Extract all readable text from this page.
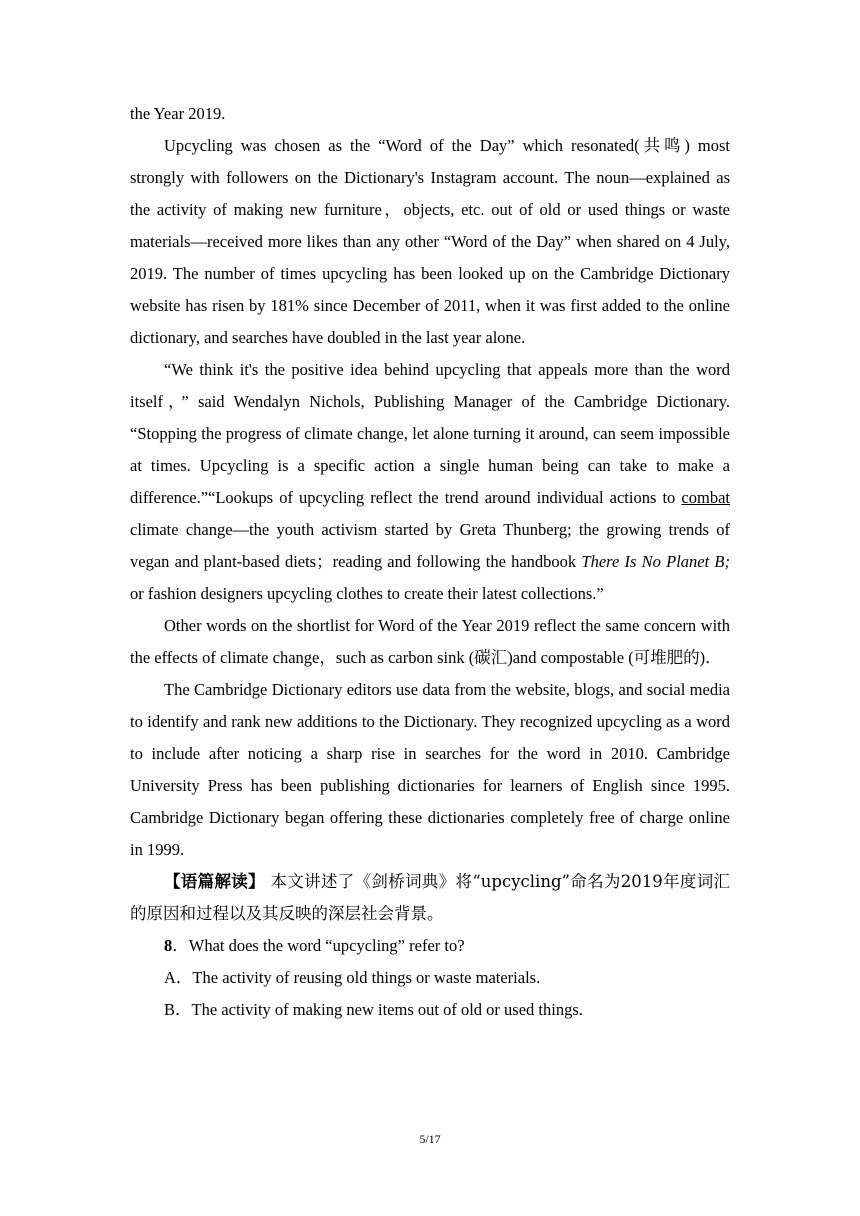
the Year 2019.

Upcycling was chosen as the “Word of the Day” which resonated(共鸣) most strongly with followers on the Dictionary's Instagram account. The noun—explained as the activity of making new furniture，objects, etc. out of old or used things or waste materials—received more likes than any other “Word of the Day” when shared on 4 July, 2019. The number of times upcycling has been looked up on the Cambridge Dictionary website has risen by 181% since December of 2011, when it was first added to the online dictionary, and searches have doubled in the last year alone.

“We think it's the positive idea behind upcycling that appeals more than the word itself，” said Wendalyn Nichols, Publishing Manager of the Cambridge Dictionary. “Stopping the progress of climate change, let alone turning it around, can seem impossible at times. Upcycling is a specific action a single human being can take to make a difference.”“Lookups of upcycling reflect the trend around individual actions to combat climate change—the youth activism started by Greta Thunberg; the growing trends of vegan and plant-based diets；reading and following the handbook There Is No Planet B; or fashion designers upcycling clothes to create their latest collections.”

Other words on the shortlist for Word of the Year 2019 reflect the same concern with the effects of climate change，such as carbon sink (碳汇)and compostable (可堆肥的)．

The Cambridge Dictionary editors use data from the website, blogs, and social media to identify and rank new additions to the Dictionary. They recognized upcycling as a word to include after noticing a sharp rise in searches for the word in 2010. Cambridge University Press has been publishing dictionaries for learners of English since 1995. Cambridge Dictionary began offering these dictionaries completely free of charge online in 1999.

【语篇解读】 本文讲述了《剑桥词典》将“upcycling”命名为2019年度词汇的原因和过程以及其反映的深层社会背景。

8．What does the word “upcycling” refer to?

A．The activity of reusing old things or waste materials.

B．The activity of making new items out of old or used things.

5/17
